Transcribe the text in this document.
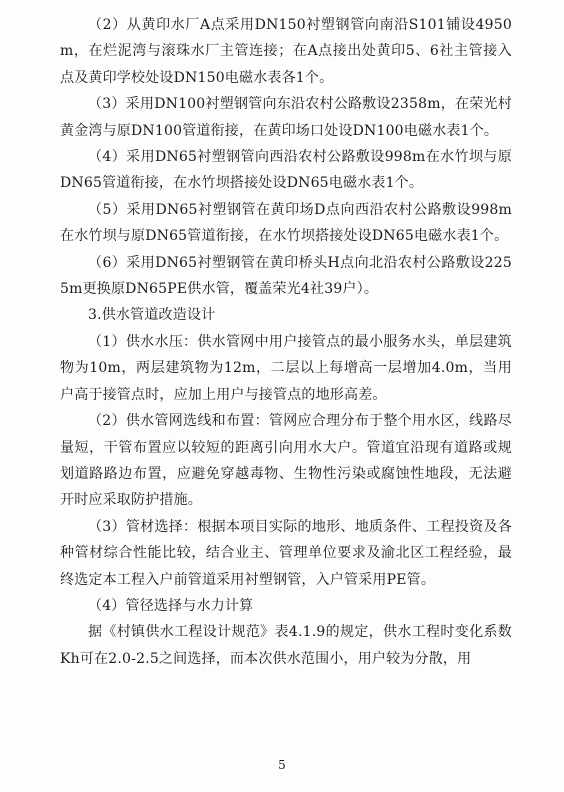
（2）从黄印水厂A点采用DN150衬塑钢管向南沿S101铺设4950m，在烂泥湾与滚珠水厂主管连接；在A点接出处黄印5、6社主管接入点及黄印学校处设DN150电磁水表各1个。

（3）采用DN100衬塑钢管向东沿农村公路敷设2358m，在荣光村黄金湾与原DN100管道衔接，在黄印场口处设DN100电磁水表1个。

（4）采用DN65衬塑钢管向西沿农村公路敷设998m在水竹坝与原DN65管道衔接，在水竹坝搭接处设DN65电磁水表1个。

（5）采用DN65衬塑钢管在黄印场D点向西沿农村公路敷设998m在水竹坝与原DN65管道衔接，在水竹坝搭接处设DN65电磁水表1个。

（6）采用DN65衬塑钢管在黄印桥头H点向北沿农村公路敷设2255m更换原DN65PE供水管，覆盖荣光4社39户）。

3.供水管道改造设计

（1）供水水压：供水管网中用户接管点的最小服务水头，单层建筑物为10m，两层建筑物为12m，二层以上每增高一层增加4.0m，当用户高于接管点时，应加上用户与接管点的地形高差。

（2）供水管网选线和布置：管网应合理分布于整个用水区，线路尽量短，干管布置应以较短的距离引向用水大户。管道宜沿现有道路或规划道路路边布置，应避免穿越毒物、生物性污染或腐蚀性地段，无法避开时应采取防护措施。

（3）管材选择：根据本项目实际的地形、地质条件、工程投资及各种管材综合性能比较，结合业主、管理单位要求及渝北区工程经验，最终选定本工程入户前管道采用衬塑钢管，入户管采用PE管。

（4）管径选择与水力计算

据《村镇供水工程设计规范》表4.1.9的规定，供水工程时变化系数Kh可在2.0-2.5之间选择，而本次供水范围小，用户较为分散，用

5
